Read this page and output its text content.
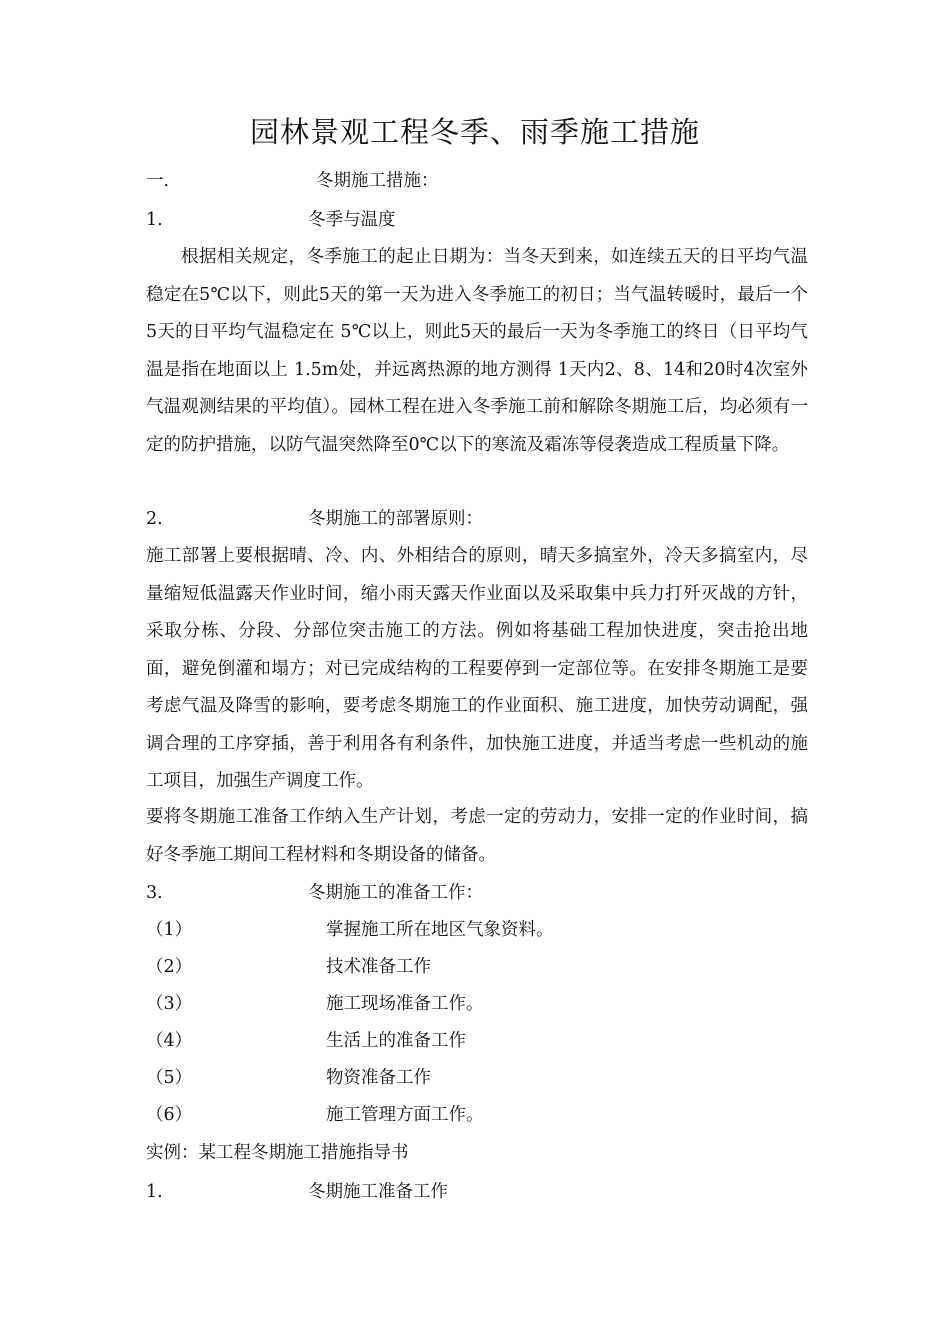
园林景观工程冬季、雨季施工措施
一.	冬期施工措施：
1.	冬季与温度
根据相关规定，冬季施工的起止日期为：当冬天到来，如连续五天的日平均气温稳定在5℃以下，则此5天的第一天为进入冬季施工的初日；当气温转暖时，最后一个5天的日平均气温稳定在 5℃以上，则此5天的最后一天为冬季施工的终日（日平均气温是指在地面以上 1.5m处，并远离热源的地方测得 1天内2、8、14和20时4次室外气温观测结果的平均值）。园林工程在进入冬季施工前和解除冬期施工后，均必须有一定的防护措施，以防气温突然降至0℃以下的寒流及霜冻等侵袭造成工程质量下降。
2.	冬期施工的部署原则：
施工部署上要根据晴、冷、内、外相结合的原则，晴天多搞室外，冷天多搞室内，尽量缩短低温露天作业时间，缩小雨天露天作业面以及采取集中兵力打歼灭战的方针，采取分栋、分段、分部位突击施工的方法。例如将基础工程加快进度，突击抢出地面，避免倒灌和塌方；对已完成结构的工程要停到一定部位等。在安排冬期施工是要考虑气温及降雪的影响，要考虑冬期施工的作业面积、施工进度，加快劳动调配，强调合理的工序穿插，善于利用各有利条件，加快施工进度，并适当考虑一些机动的施工项目，加强生产调度工作。
要将冬期施工准备工作纳入生产计划，考虑一定的劳动力，安排一定的作业时间，搞好冬季施工期间工程材料和冬期设备的储备。
3.	冬期施工的准备工作：
（1）	掌握施工所在地区气象资料。
（2）	技术准备工作
（3）	施工现场准备工作。
（4）	生活上的准备工作
（5）	物资准备工作
（6）	施工管理方面工作。
实例：某工程冬期施工措施指导书
1.	冬期施工准备工作
